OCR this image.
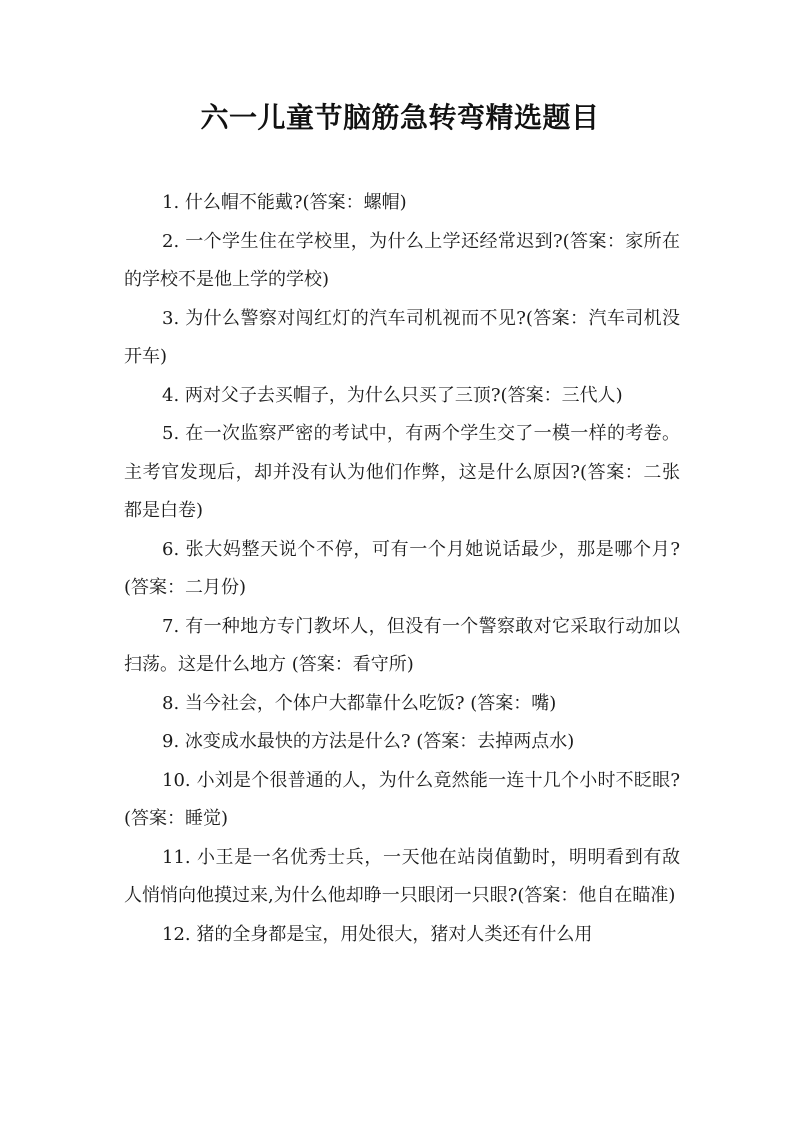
六一儿童节脑筋急转弯精选题目

1. 什么帽不能戴?(答案：螺帽)

2. 一个学生住在学校里，为什么上学还经常迟到?(答案：家所在的学校不是他上学的学校)

3. 为什么警察对闯红灯的汽车司机视而不见?(答案：汽车司机没开车)

4. 两对父子去买帽子，为什么只买了三顶?(答案：三代人)

5. 在一次监察严密的考试中，有两个学生交了一模一样的考卷。主考官发现后，却并没有认为他们作弊，这是什么原因?(答案：二张都是白卷)

6. 张大妈整天说个不停，可有一个月她说话最少，那是哪个月?(答案：二月份)

7. 有一种地方专门教坏人，但没有一个警察敢对它采取行动加以扫荡。这是什么地方 (答案：看守所)

8. 当今社会，个体户大都靠什么吃饭? (答案：嘴)

9. 冰变成水最快的方法是什么? (答案：去掉两点水)

10. 小刘是个很普通的人，为什么竟然能一连十几个小时不眨眼?(答案：睡觉)

11. 小王是一名优秀士兵，一天他在站岗值勤时，明明看到有敌人悄悄向他摸过来,为什么他却睁一只眼闭一只眼?(答案：他自在瞄准)

12. 猪的全身都是宝，用处很大，猪对人类还有什么用
